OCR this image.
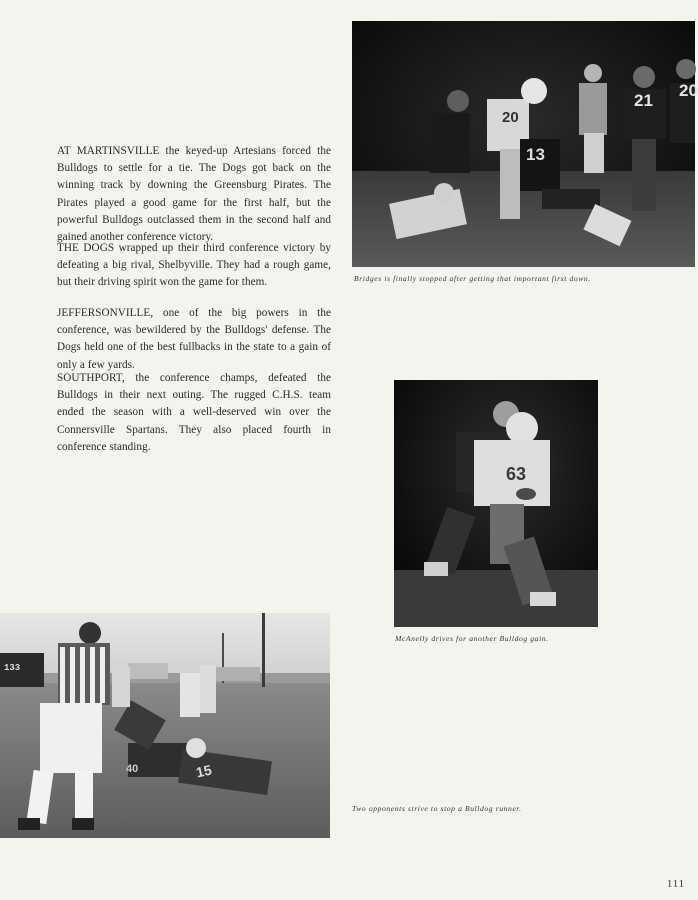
AT MARTINSVILLE the keyed-up Artesians forced the Bulldogs to settle for a tie. The Dogs got back on the winning track by downing the Greensburg Pirates. The Pirates played a good game for the first half, but the powerful Bulldogs outclassed them in the second half and gained another conference victory.

THE DOGS wrapped up their third conference victory by defeating a big rival, Shelbyville. They had a rough game, but their driving spirit won the game for them.

JEFFERSONVILLE, one of the big powers in the conference, was bewildered by the Bulldogs' defense. The Dogs held one of the best fullbacks in the state to a gain of only a few yards.

SOUTHPORT, the conference champs, defeated the Bulldogs in their next outing. The rugged C.H.S. team ended the season with a well-deserved win over the Connersville Spartans. They also placed fourth in conference standing.

20
13
21
20

Bridges is finally stopped after getting that important first down.

63

McAnelly drives for another Bulldog gain.

133
15
40

Two opponents strive to stop a Bulldog runner.

111
